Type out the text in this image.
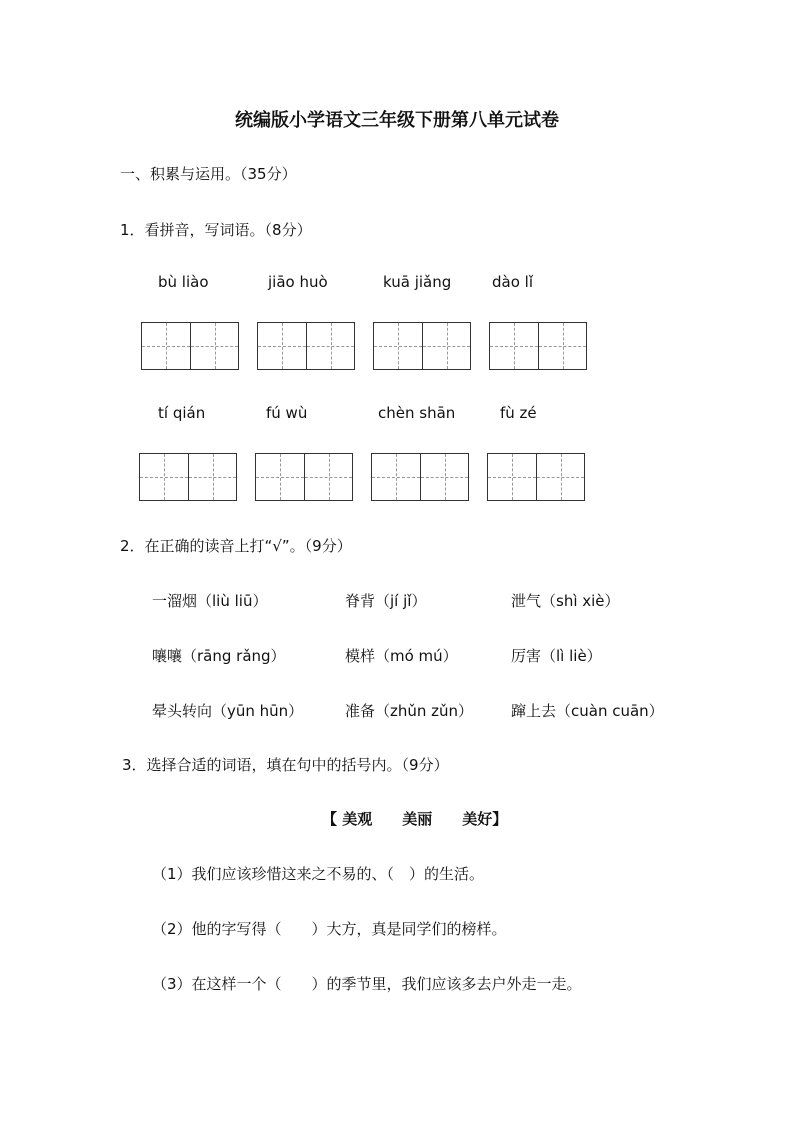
统编版小学语文三年级下册第八单元试卷
一、积累与运用。（35分）
1．看拼音，写词语。（8分）
bù liào	jiāo huò	kuā jiǎng	dào lǐ
tí qián	fú wù	chèn shān	fù zé
2．在正确的读音上打“√”。（9分）
一溜烟（liù liū）	脊背（jí jǐ）	泄气（shì xiè）
嚷嚷（rāng rǎng）	模样（mó mú）	厉害（lì liè）
晕头转向（yūn hūn）	准备（zhǔn zǔn）	蹿上去（cuàn cuān）
3．选择合适的词语，填在句中的括号内。（9分）
【 美观　　美丽　　美好】
（1）我们应该珍惜这来之不易的、（　）的生活。
（2）他的字写得（　　）大方，真是同学们的榜样。
（3）在这样一个（　　）的季节里，我们应该多去户外走一走。
